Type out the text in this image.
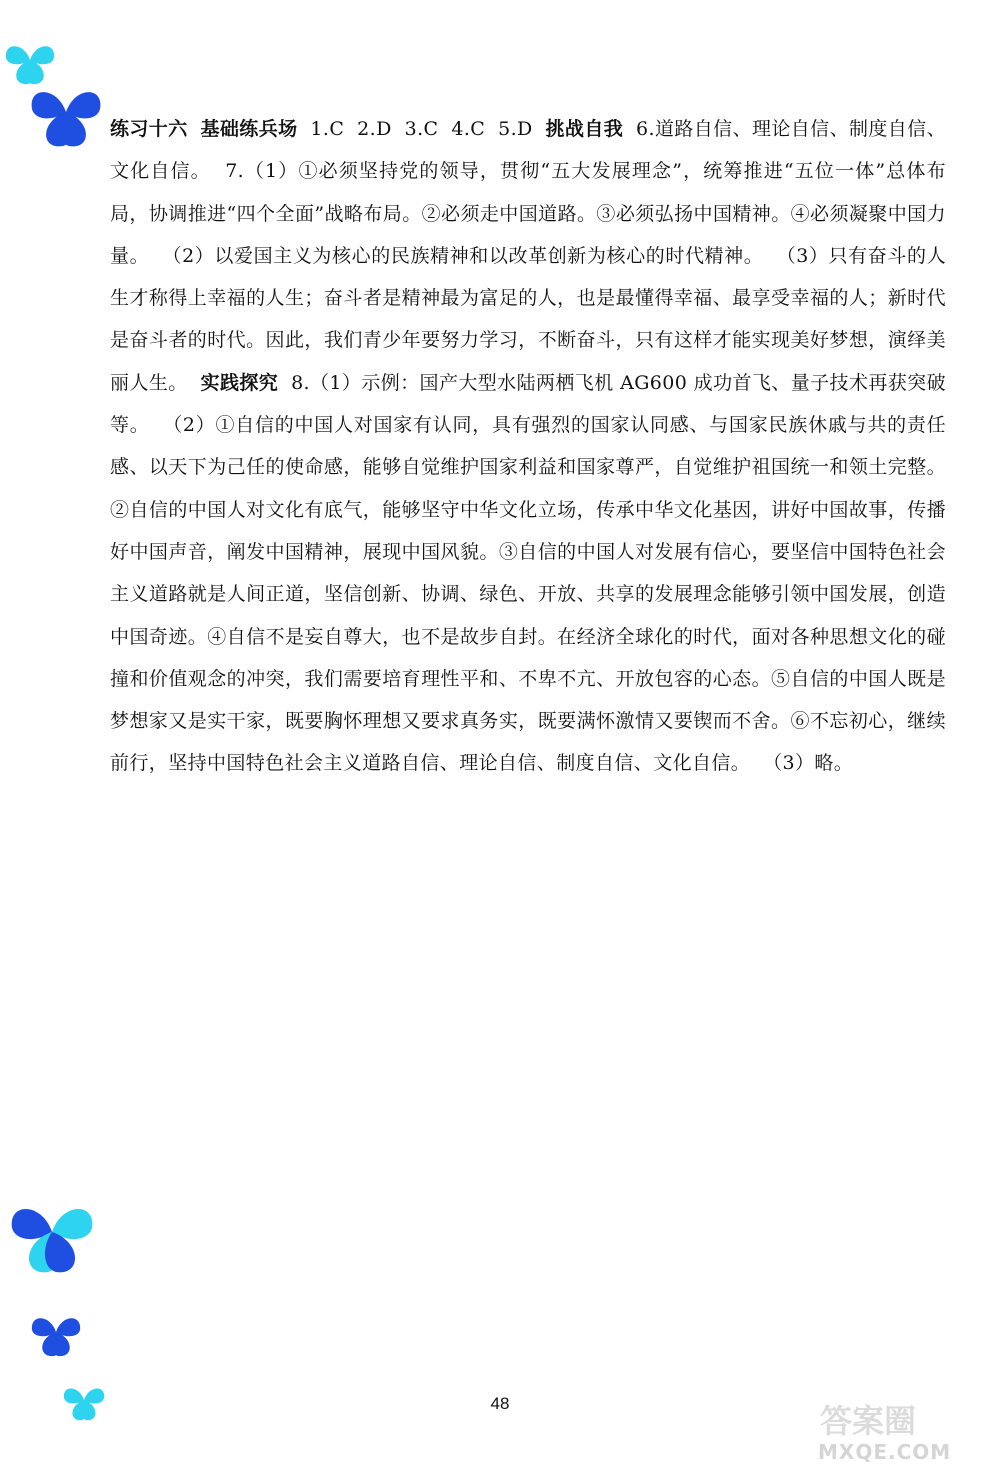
练习十六 基础练兵场  1.C  2.D  3.C  4.C  5.D  挑战自我  6.道路自信、理论自信、制度自信、文化自信。  7.（1）①必须坚持党的领导，贯彻“五大发展理念”，统筹推进“五位一体”总体布局，协调推进“四个全面”战略布局。②必须走中国道路。③必须弘扬中国精神。④必须凝聚中国力量。  （2）以爱国主义为核心的民族精神和以改革创新为核心的时代精神。  （3）只有奋斗的人生才称得上幸福的人生；奋斗者是精神最为富足的人，也是最懂得幸福、最享受幸福的人；新时代是奋斗者的时代。因此，我们青少年要努力学习，不断奋斗，只有这样才能实现美好梦想，演绎美丽人生。  实践探究  8.（1）示例：国产大型水陆两栖飞机 AG600 成功首飞、量子技术再获突破等。  （2）①自信的中国人对国家有认同，具有强烈的国家认同感、与国家民族休戚与共的责任感、以天下为己任的使命感，能够自觉维护国家利益和国家尊严，自觉维护祖国统一和领土完整。②自信的中国人对文化有底气，能够坚守中华文化立场，传承中华文化基因，讲好中国故事，传播好中国声音，阐发中国精神，展现中国风貌。③自信的中国人对发展有信心，要坚信中国特色社会主义道路就是人间正道，坚信创新、协调、绿色、开放、共享的发展理念能够引领中国发展，创造中国奇迹。④自信不是妄自尊大，也不是故步自封。在经济全球化的时代，面对各种思想文化的碰撞和价值观念的冲突，我们需要培育理性平和、不卑不亢、开放包容的心态。⑤自信的中国人既是梦想家又是实干家，既要胸怀理想又要求真务实，既要满怀激情又要锲而不舍。⑥不忘初心，继续前行，坚持中国特色社会主义道路自信、理论自信、制度自信、文化自信。  （3）略。
48	答案圈
MXQE.COM
